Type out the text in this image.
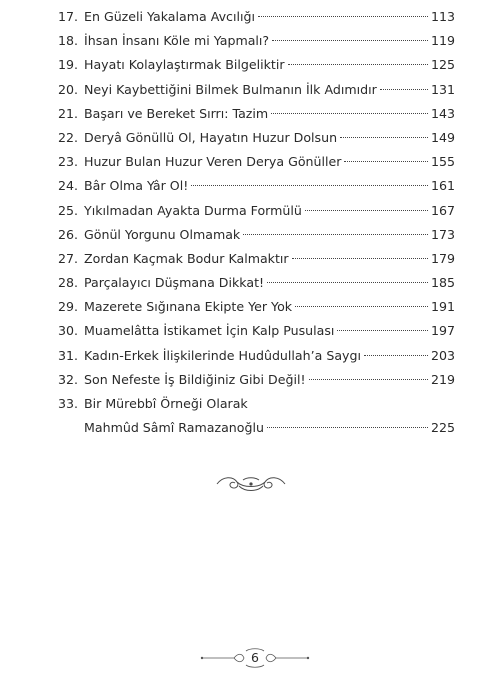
17. En Güzeli Yakalama Avcılığı	113
18. İhsan İnsanı Köle mi Yapmalı?	119
19. Hayatı Kolaylaştırmak Bilgeliktir	125
20. Neyi Kaybettiğini Bilmek Bulmanın İlk Adımıdır	131
21. Başarı ve Bereket Sırrı: Tazim	143
22. Deryâ Gönüllü Ol, Hayatın Huzur Dolsun	149
23. Huzur Bulan Huzur Veren Derya Gönüller	155
24. Bâr Olma Yâr Ol!	161
25. Yıkılmadan Ayakta Durma Formülü	167
26. Gönül Yorgunu Olmamak	173
27. Zordan Kaçmak Bodur Kalmaktır	179
28. Parçalayıcı Düşmana Dikkat!	185
29. Mazerete Sığınana Ekipte Yer Yok	191
30. Muamelâtta İstikamet İçin Kalp Pusulası	197
31. Kadın-Erkek İlişkilerinde Hudûdullah’a Saygı	203
32. Son Nefeste İş Bildiğiniz Gibi Değil!	219
33. Bir Mürebbî Örneği Olarak
Mahmûd Sâmî Ramazanoğlu	225
6
